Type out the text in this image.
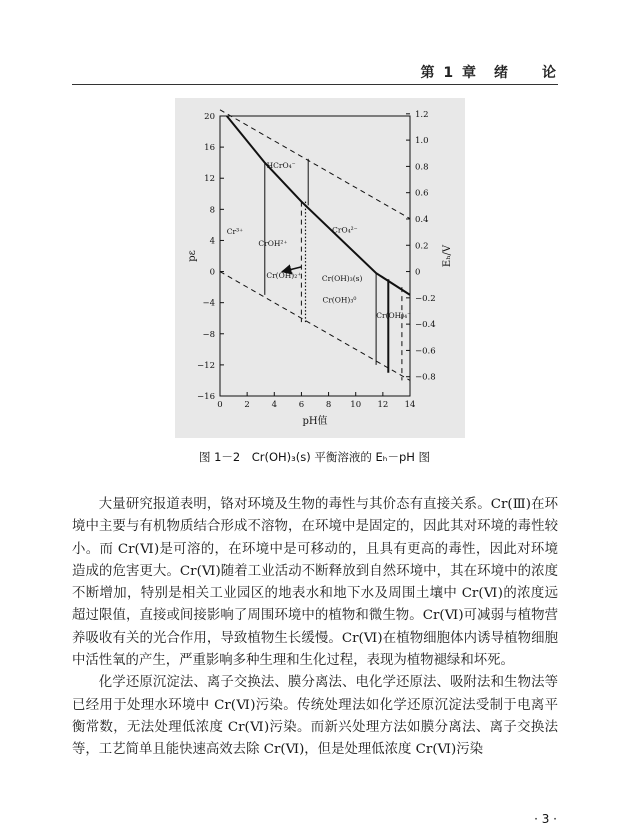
第 1 章　绪　　论
0	2	4	6	8 10 12 14
pH值
20
16
12
8
4
0
−4
−8
−12
−16
pε
1.2
1.0
0.8
0.6
0.4
0.2
0
−0.2
−0.4
−0.6
−0.8
Eₕ/V
Cr³⁺
HCrO₄⁻
CrO₄²⁻
CrOH²⁺
Cr(OH)₂⁺	Cr(OH)₃(s)
Cr(OH)₃⁰
Cr(OH)₄⁻
图 1－2　Cr(OH)₃(s) 平衡溶液的 Eₕ－pH 图

大量研究报道表明，铬对环境及生物的毒性与其价态有直接关系。Cr(Ⅲ)在环境中主要与有机物质结合形成不溶物，在环境中是固定的，因此其对环境的毒性较小。而 Cr(Ⅵ)是可溶的，在环境中是可移动的，且具有更高的毒性，因此对环境造成的危害更大。Cr(Ⅵ)随着工业活动不断释放到自然环境中，其在环境中的浓度不断增加，特别是相关工业园区的地表水和地下水及周围土壤中 Cr(Ⅵ)的浓度远超过限值，直接或间接影响了周围环境中的植物和微生物。Cr(Ⅵ)可减弱与植物营养吸收有关的光合作用，导致植物生长缓慢。Cr(Ⅵ)在植物细胞体内诱导植物细胞中活性氧的产生，严重影响多种生理和生化过程，表现为植物褪绿和坏死。

化学还原沉淀法、离子交换法、膜分离法、电化学还原法、吸附法和生物法等已经用于处理水环境中 Cr(Ⅵ)污染。传统处理法如化学还原沉淀法受制于电离平衡常数，无法处理低浓度 Cr(Ⅵ)污染。而新兴处理方法如膜分离法、离子交换法等，工艺简单且能快速高效去除 Cr(Ⅵ)，但是处理低浓度 Cr(Ⅵ)污染

· 3 ·
